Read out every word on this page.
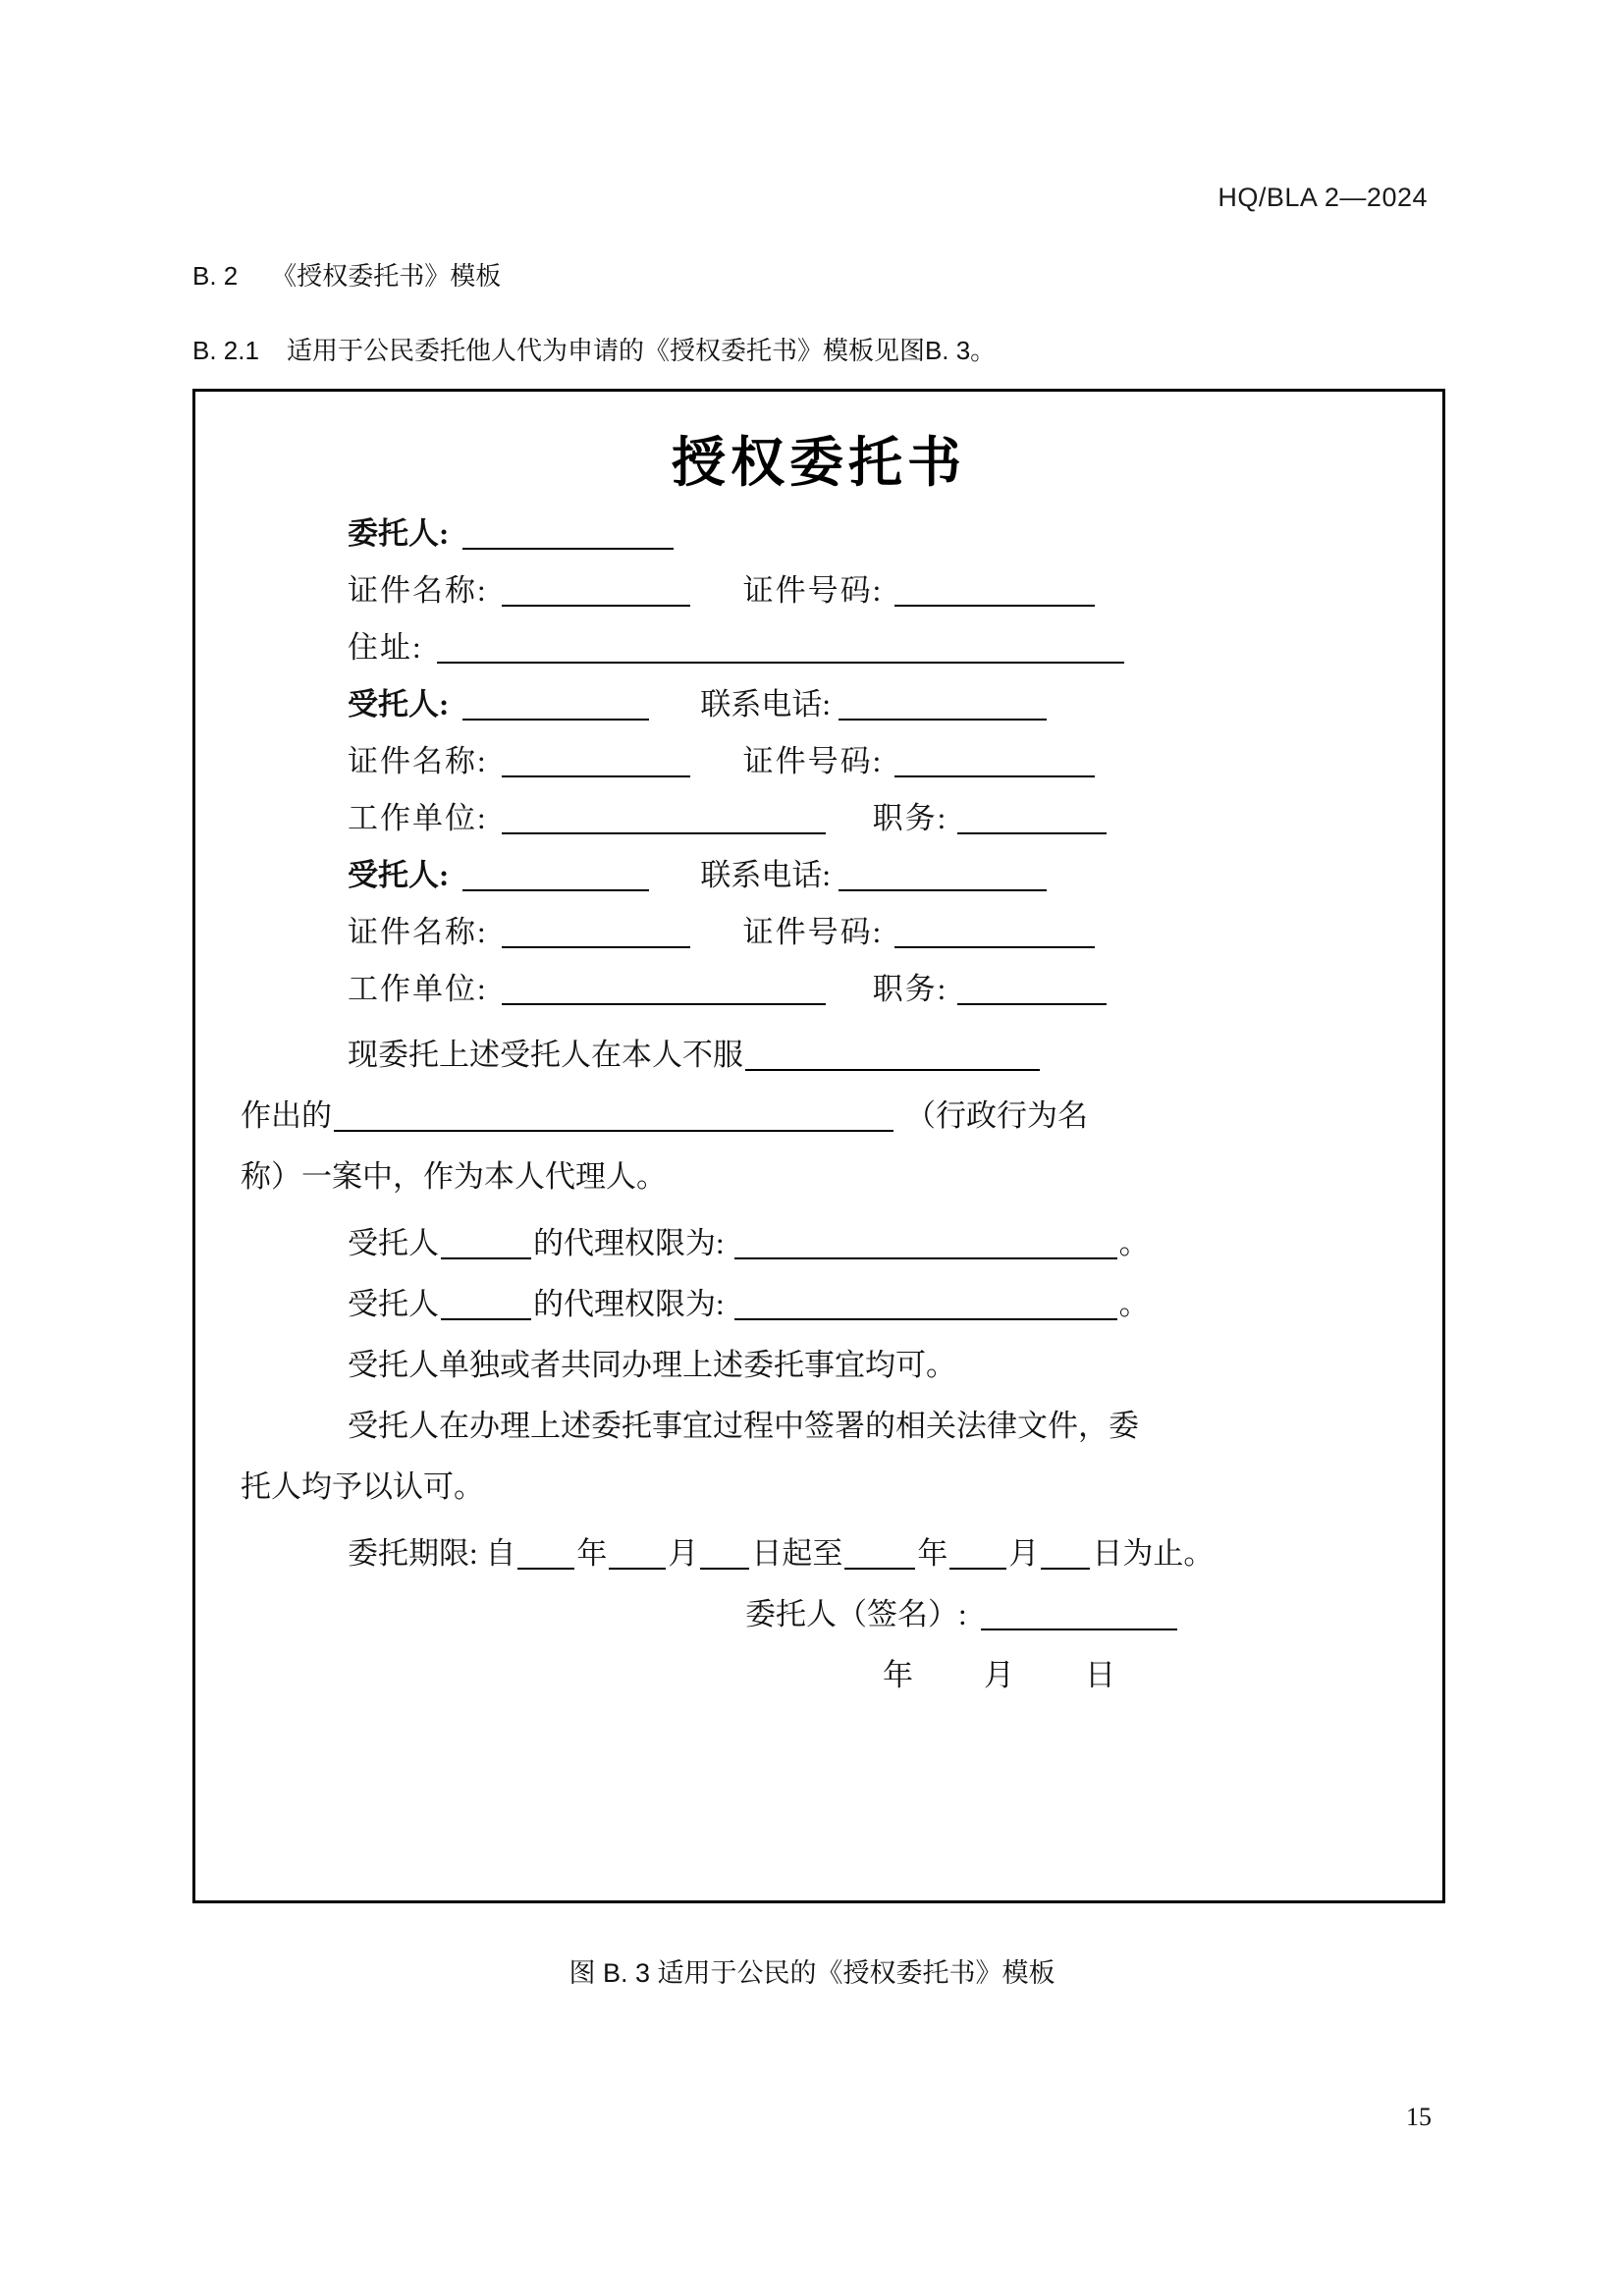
HQ/BLA 2—2024
B. 2 《授权委托书》模板
B. 2.1 适用于公民委托他人代为申请的《授权委托书》模板见图B. 3。
授权委托书
委托人:
证件名称:	证件号码:
住址:
受托人:	联系电话:
证件名称:	证件号码:
工作单位:	职务:
受托人:	联系电话:
证件名称:	证件号码:
工作单位:	职务:
现委托上述受托人在本人不服
作出的	（行政行为名
称）一案中，作为本人代理人。
受托人	的代理权限为:	。
受托人	的代理权限为:	。
受托人单独或者共同办理上述委托事宜均可。
受托人在办理上述委托事宜过程中签署的相关法律文件，委
托人均予以认可。
委托期限: 自 年 月 日起至 年 月 日为止。
委托人（签名）:
年 月 日
图 B. 3 适用于公民的《授权委托书》模板
15
